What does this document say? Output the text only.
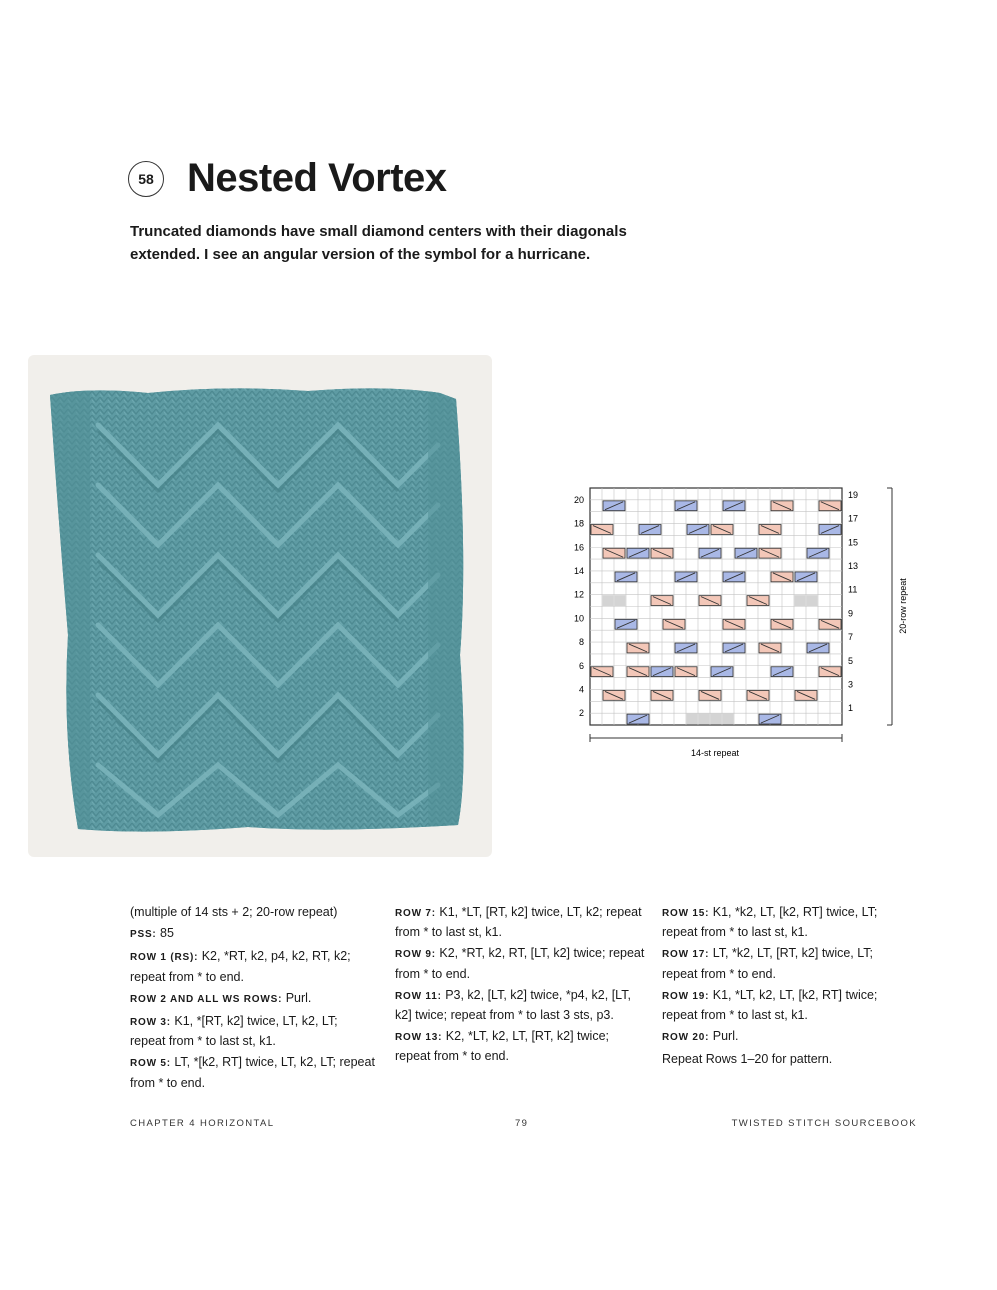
58 Nested Vortex
Truncated diamonds have small diamond centers with their diagonals extended. I see an angular version of the symbol for a hurricane.
20
18
16
14
12
10
8
6
4
2
19
17
15
13
11
9
7
5
3
1
14-st repeat
20-row repeat

(multiple of 14 sts + 2; 20-row repeat)

PSS: 85

ROW 1 (RS): K2, *RT, k2, p4, k2, RT, k2; repeat from * to end.

ROW 2 AND ALL WS ROWS: Purl.

ROW 3: K1, *[RT, k2] twice, LT, k2, LT; repeat from * to last st, k1.

ROW 5: LT, *[k2, RT] twice, LT, k2, LT; repeat from * to end.

ROW 7: K1, *LT, [RT, k2] twice, LT, k2; repeat from * to last st, k1.

ROW 9: K2, *RT, k2, RT, [LT, k2] twice; repeat from * to end.

ROW 11: P3, k2, [LT, k2] twice, *p4, k2, [LT, k2] twice; repeat from * to last 3 sts, p3.

ROW 13: K2, *LT, k2, LT, [RT, k2] twice; repeat from * to end.

ROW 15: K1, *k2, LT, [k2, RT] twice, LT; repeat from * to last st, k1.

ROW 17: LT, *k2, LT, [RT, k2] twice, LT; repeat from * to end.

ROW 19: K1, *LT, k2, LT, [k2, RT] twice; repeat from * to last st, k1.

ROW 20: Purl.

Repeat Rows 1–20 for pattern.

CHAPTER 4 HORIZONTAL	79	TWISTED STITCH SOURCEBOOK
